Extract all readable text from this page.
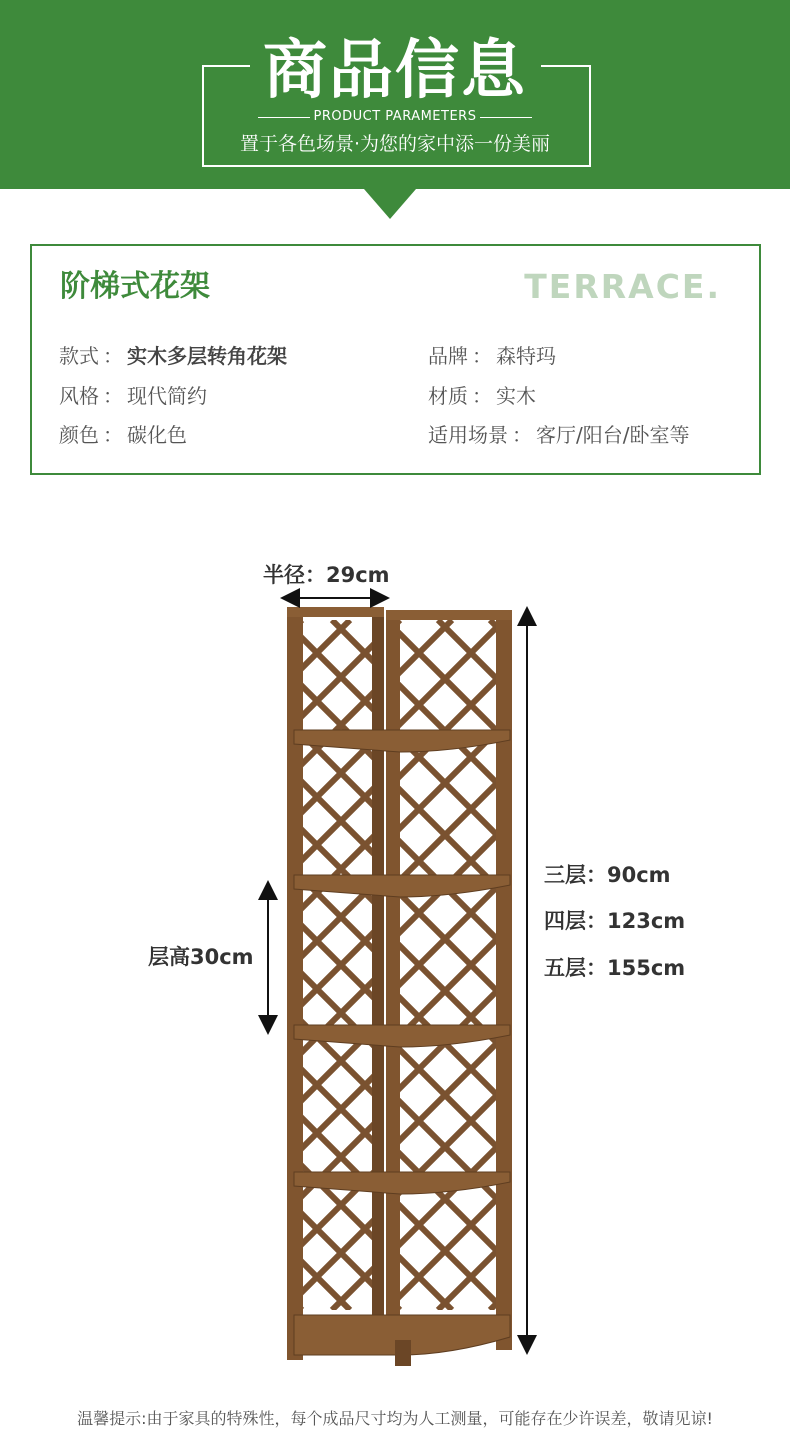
商品信息
PRODUCT PARAMETERS
置于各色场景·为您的家中添一份美丽
阶梯式花架	TERRACE.
款式 ： 实木多层转角花架	品牌 ： 森特玛
风格 ： 现代简约	材质 ： 实木
颜色 ： 碳化色	适用场景 ： 客厅/阳台/卧室等
半径：29cm
层高30cm
三层：90cm
四层：123cm
五层：155cm
温馨提示:由于家具的特殊性，每个成品尺寸均为人工测量，可能存在少许误差，敬请见谅!
